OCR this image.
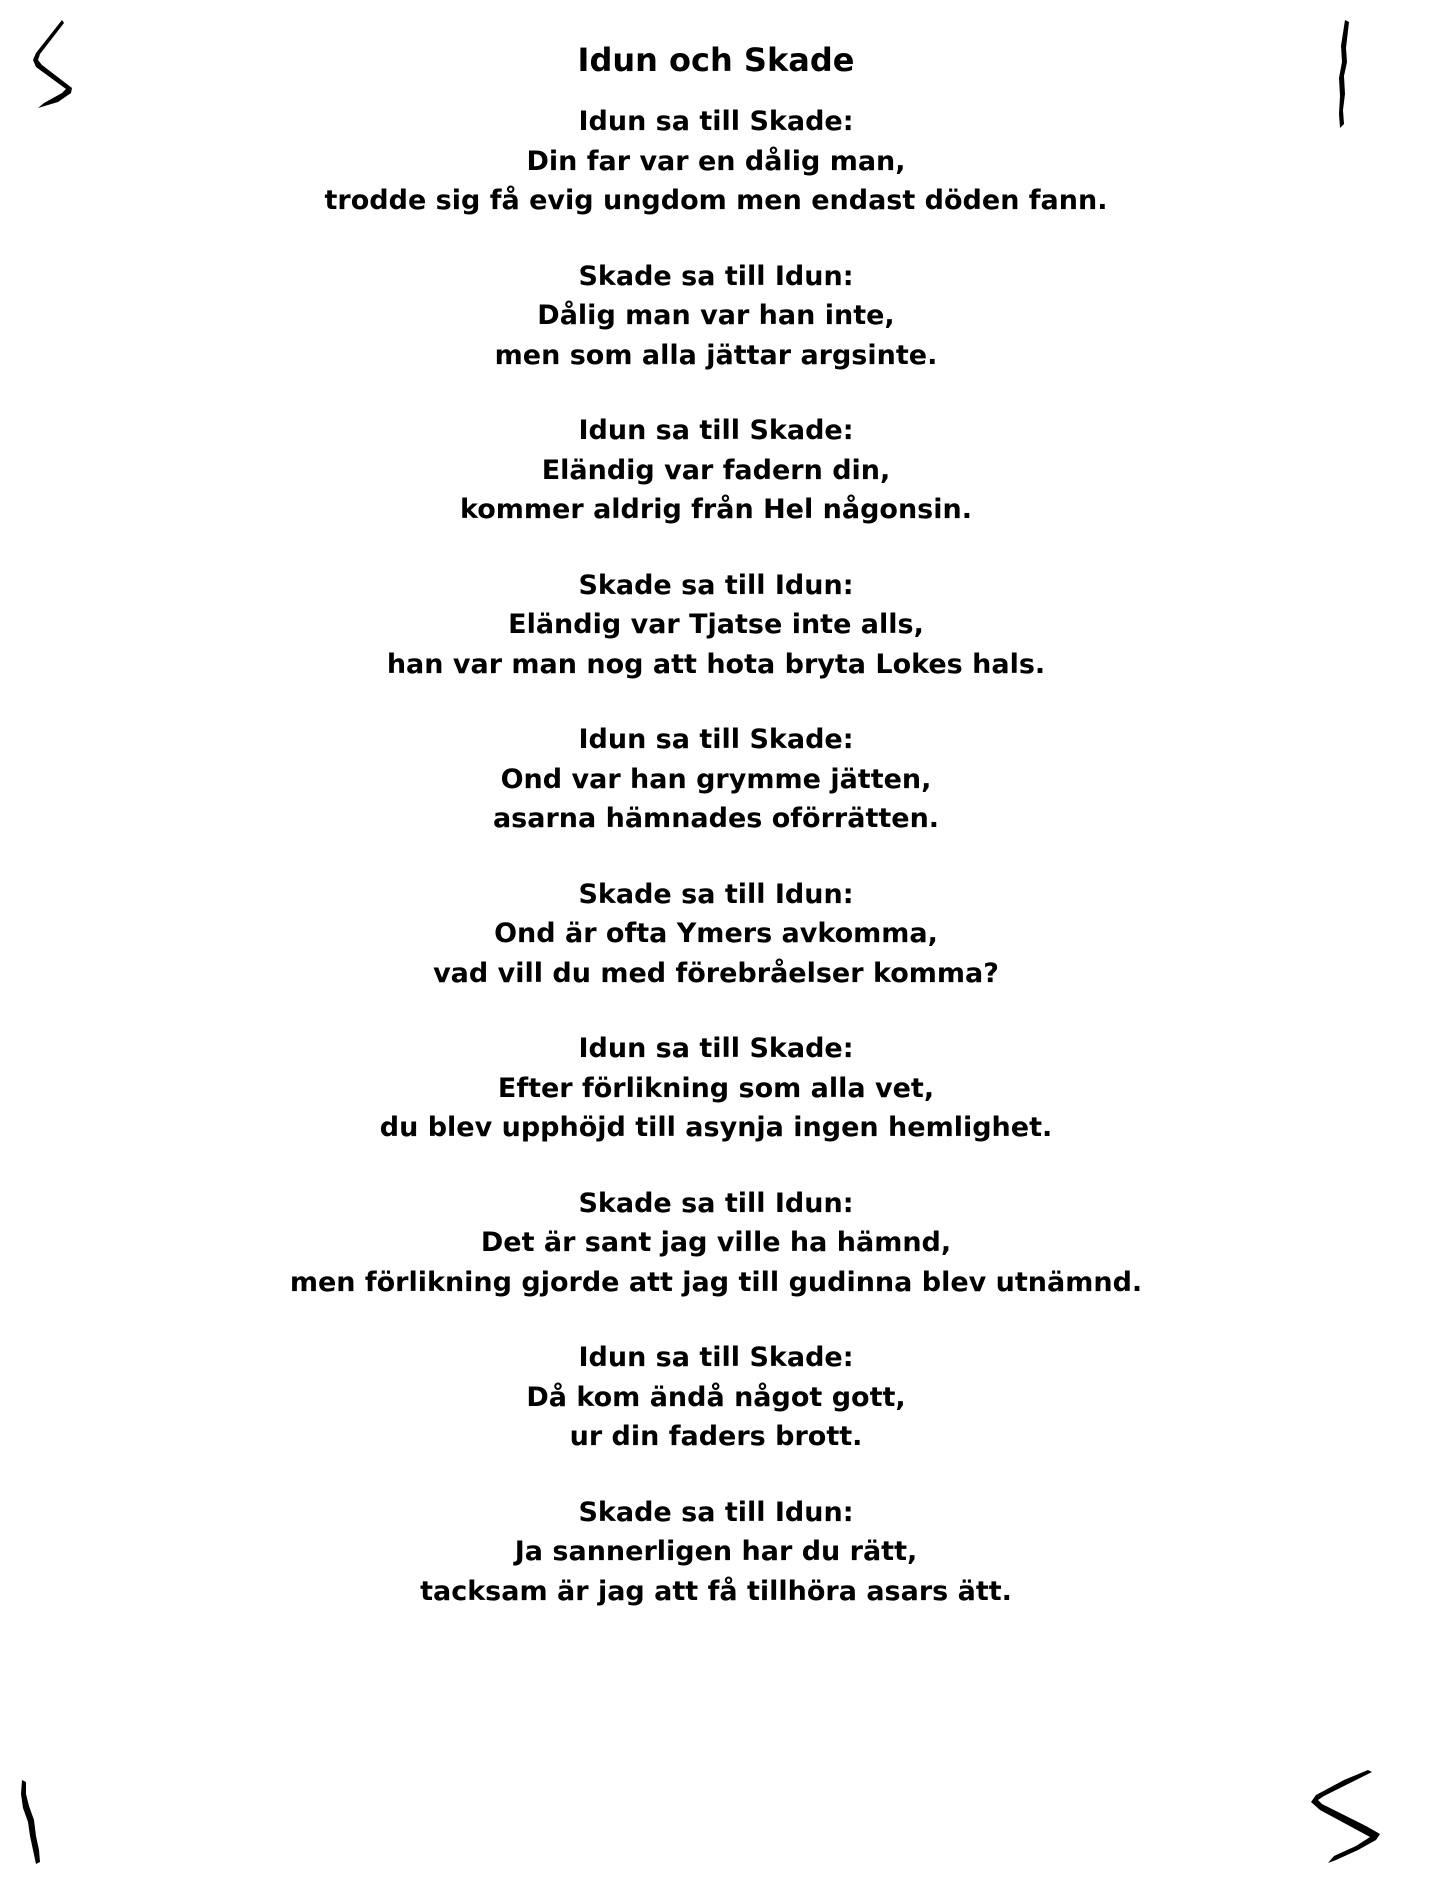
Idun och Skade
Idun sa till Skade:
Din far var en dålig man,
trodde sig få evig ungdom men endast döden fann.
Skade sa till Idun:
Dålig man var han inte,
men som alla jättar argsinte.
Idun sa till Skade:
Eländig var fadern din,
kommer aldrig från Hel någonsin.
Skade sa till Idun:
Eländig var Tjatse inte alls,
han var man nog att hota bryta Lokes hals.
Idun sa till Skade:
Ond var han grymme jätten,
asarna hämnades oförrätten.
Skade sa till Idun:
Ond är ofta Ymers avkomma,
vad vill du med förebråelser komma?
Idun sa till Skade:
Efter förlikning som alla vet,
du blev upphöjd till asynja ingen hemlighet.
Skade sa till Idun:
Det är sant jag ville ha hämnd,
men förlikning gjorde att jag till gudinna blev utnämnd.
Idun sa till Skade:
Då kom ändå något gott,
ur din faders brott.
Skade sa till Idun:
Ja sannerligen har du rätt,
tacksam är jag att få tillhöra asars ätt.
